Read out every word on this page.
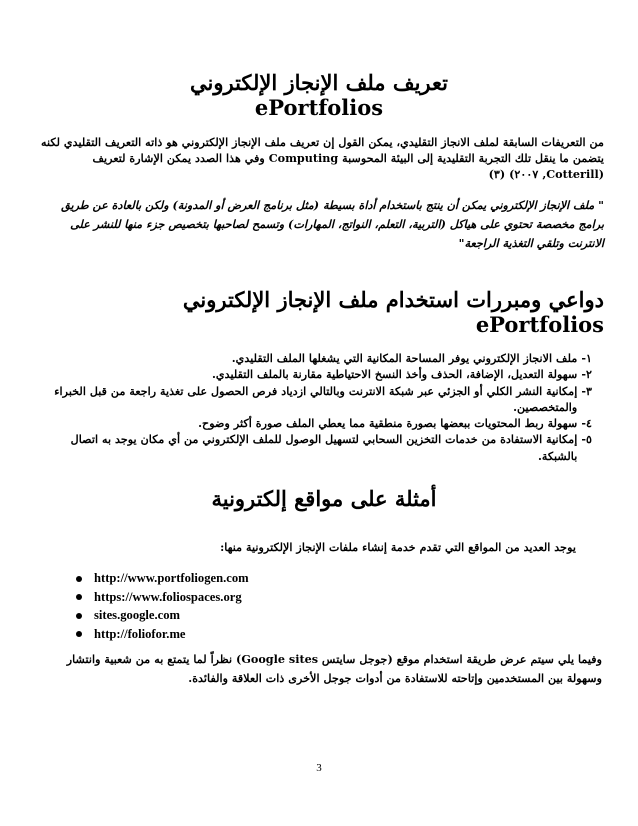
تعريف ملف الإنجاز الإلكتروني ePortfolios

من التعريفات السابقة لملف الانجاز التقليدي، يمكن القول إن تعريف ملف الإنجاز الإلكتروني هو ذاته التعريف التقليدي لكنه يتضمن ما ينقل تلك التجربة التقليدية إلى البيئة المحوسبة Computing وفي هذا الصدد يمكن الإشارة لتعريف (Cotterill, ٢٠٠٧) (٣)

" ملف الإنجاز الإلكتروني يمكن أن ينتج باستخدام أداة بسيطة (مثل برنامج العرض أو المدونة) ولكن بالعادة عن طريق برامج مخصصة تحتوي على هياكل (التربية، التعلم، النواتج، المهارات) وتسمح لصاحبها بتخصيص جزء منها للنشر على الانترنت وتلقي التغذية الراجعة"

دواعي ومبررات استخدام ملف الإنجاز الإلكتروني ePortfolios
١-
ملف الانجاز الإلكتروني يوفر المساحة المكانية التي يشغلها الملف التقليدي.
٢-
سهولة التعديل، الإضافة، الحذف وأخذ النسخ الاحتياطية مقارنة بالملف التقليدي.
٣-
إمكانية النشر الكلي أو الجزئي عبر شبكة الانترنت وبالتالي ازدياد فرص الحصول على تغذية راجعة من قبل الخبراء والمتخصصين.
٤-
سهولة ربط المحتويات ببعضها بصورة منطقية مما يعطي الملف صورة أكثر وضوح.
٥-
إمكانية الاستفادة من خدمات التخزين السحابي لتسهيل الوصول للملف الإلكتروني من أي مكان يوجد به اتصال بالشبكة.
أمثلة على مواقع إلكترونية

يوجد العديد من المواقع التي تقدم خدمة إنشاء ملفات الإنجاز الإلكترونية منها:

http://www.portfoliogen.com
https://www.foliospaces.org
sites.google.com
http://foliofor.me

وفيما يلي سيتم عرض طريقة استخدام موقع (جوجل سايتس Google sites) نظراً لما يتمتع به من شعبية وانتشار وسهولة بين المستخدمين وإتاحته للاستفادة من أدوات جوجل الأخرى ذات العلاقة والفائدة.

3
